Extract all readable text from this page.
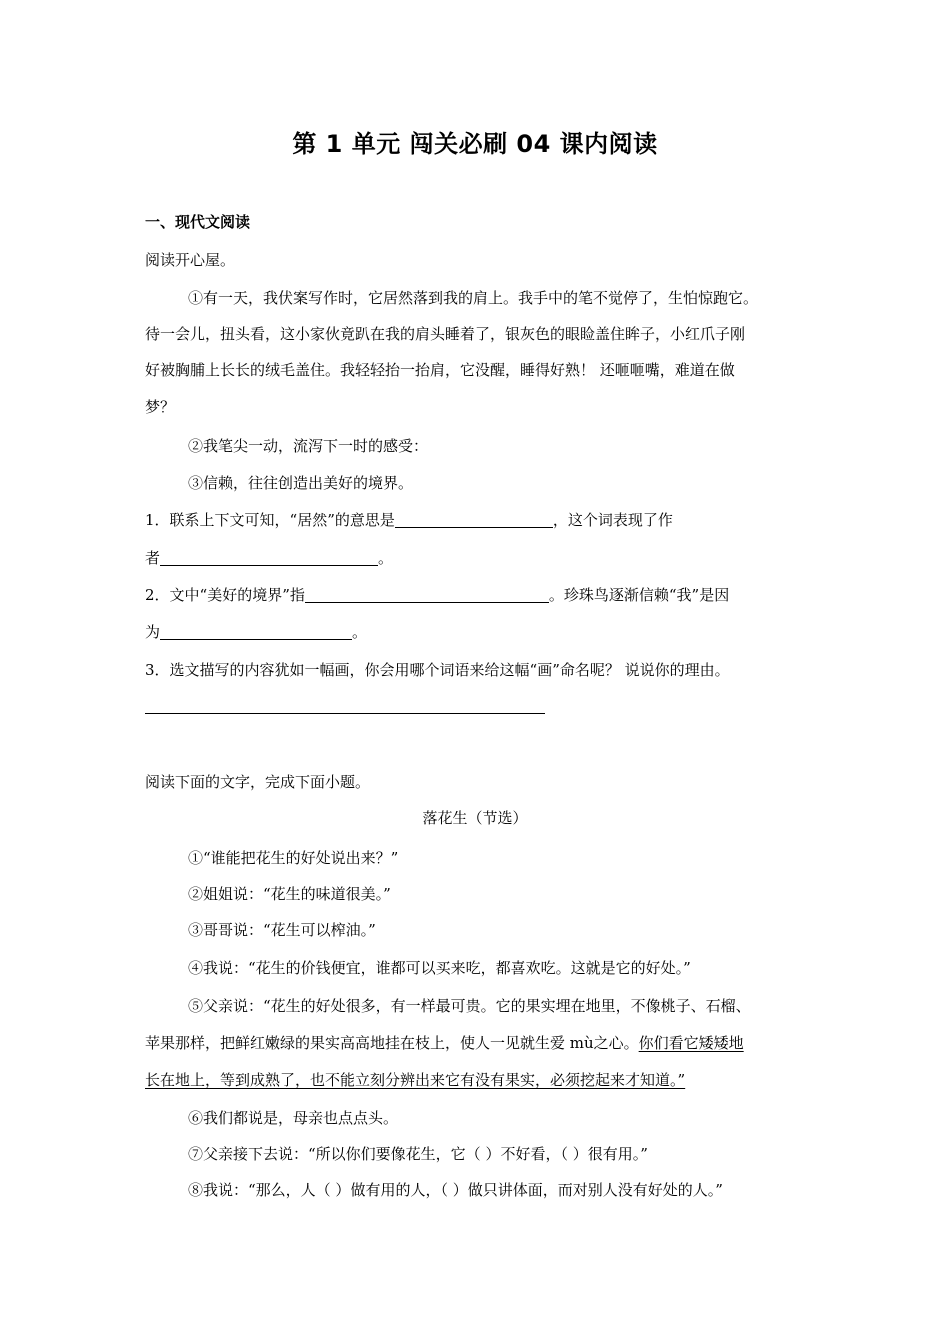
第 1 单元 闯关必刷 04 课内阅读
一、现代文阅读
阅读开心屋。
①有一天，我伏案写作时，它居然落到我的肩上。我手中的笔不觉停了，生怕惊跑它。
待一会儿，扭头看，这小家伙竟趴在我的肩头睡着了，银灰色的眼睑盖住眸子，小红爪子刚
好被胸脯上长长的绒毛盖住。我轻轻抬一抬肩，它没醒，睡得好熟！ 还咂咂嘴，难道在做
梦？
②我笔尖一动，流泻下一时的感受：
③信赖，往往创造出美好的境界。
1．联系上下文可知，“居然”的意思是	，这个词表现了作
者	。
2．文中“美好的境界”指	。珍珠鸟逐渐信赖“我”是因
为	。
3．选文描写的内容犹如一幅画，你会用哪个词语来给这幅“画”命名呢？ 说说你的理由。
阅读下面的文字，完成下面小题。
落花生（节选）
①“谁能把花生的好处说出来？”
②姐姐说：“花生的味道很美。”
③哥哥说：“花生可以榨油。”
④我说：“花生的价钱便宜，谁都可以买来吃，都喜欢吃。这就是它的好处。”
⑤父亲说：“花生的好处很多，有一样最可贵。它的果实埋在地里，不像桃子、石榴、
苹果那样，把鲜红嫩绿的果实高高地挂在枝上，使人一见就生爱 mù之心。你们看它矮矮地
长在地上，等到成熟了，也不能立刻分辨出来它有没有果实，必须挖起来才知道。”
⑥我们都说是，母亲也点点头。
⑦父亲接下去说：“所以你们要像花生，它（ ）不好看，（ ）很有用。”
⑧我说：“那么，人（ ）做有用的人，（ ）做只讲体面，而对别人没有好处的人。”
